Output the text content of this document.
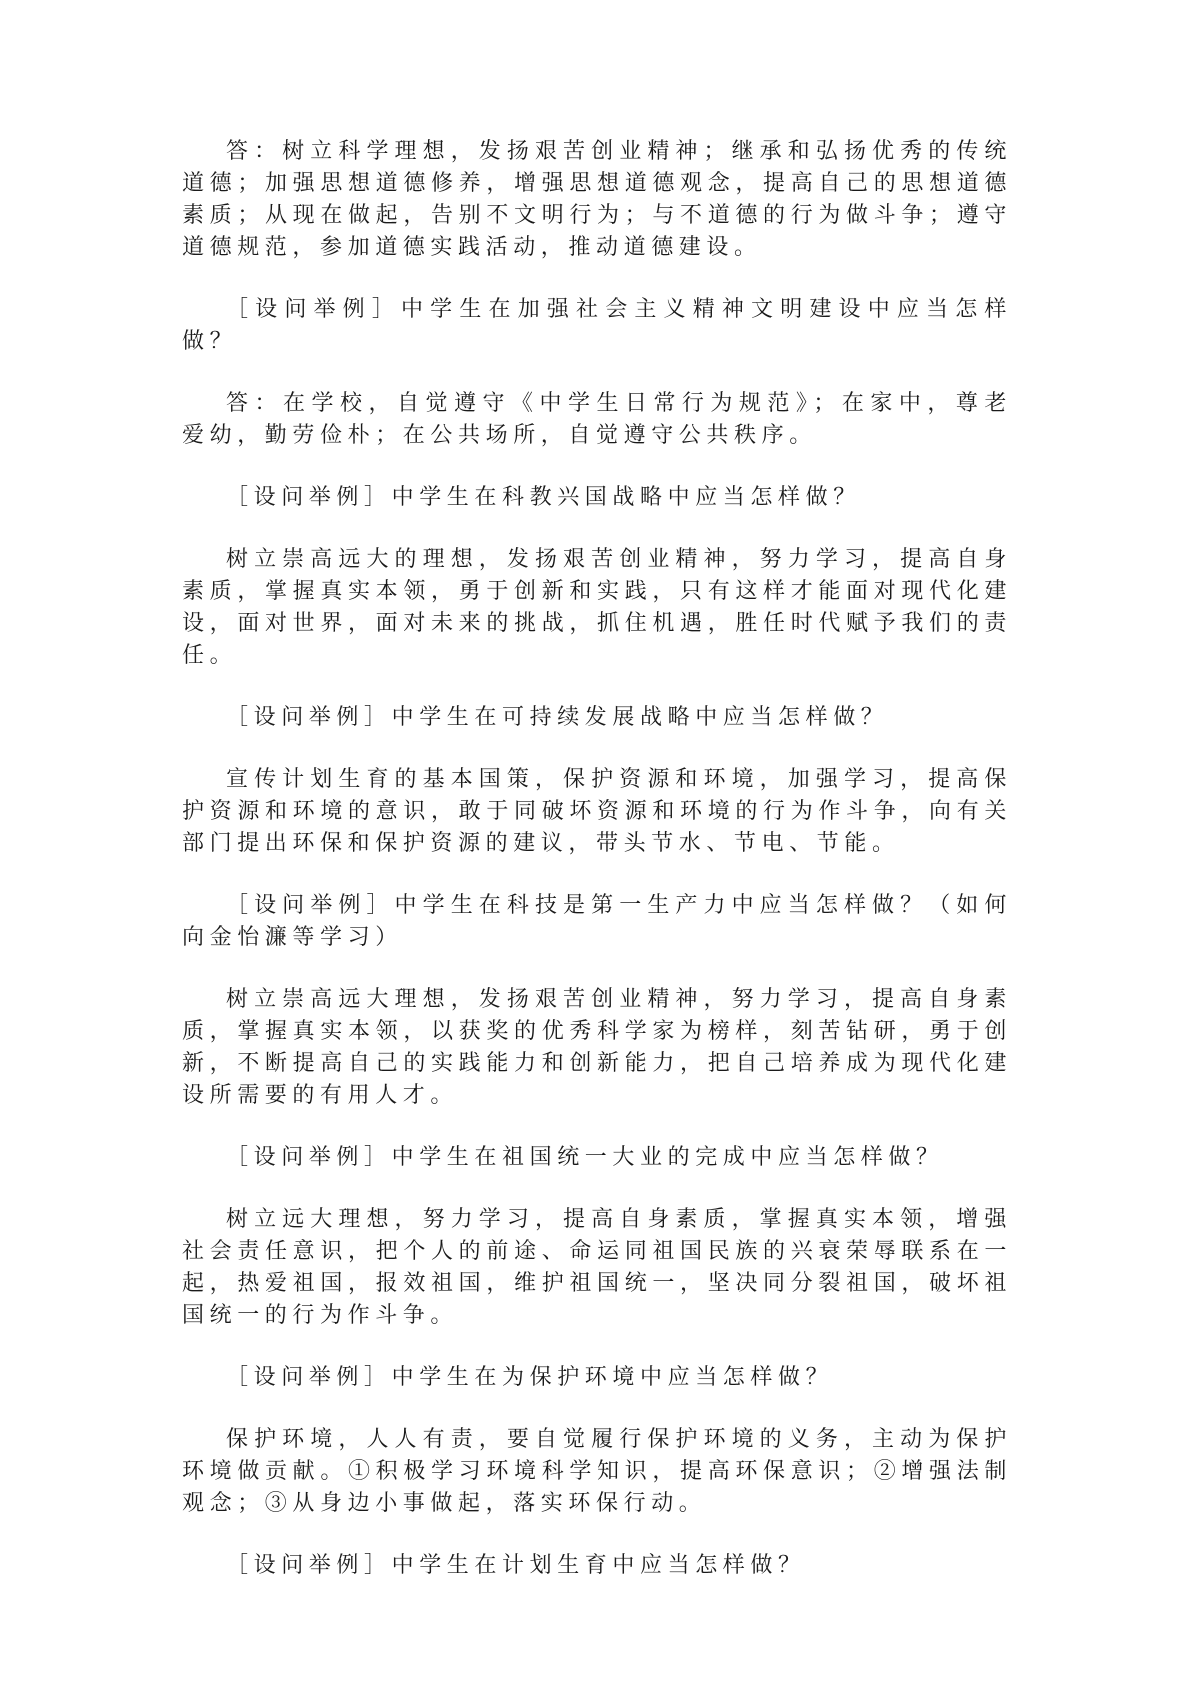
答：树立科学理想，发扬艰苦创业精神；继承和弘扬优秀的传统道德；加强思想道德修养，增强思想道德观念，提高自己的思想道德素质；从现在做起，告别不文明行为；与不道德的行为做斗争；遵守道德规范，参加道德实践活动，推动道德建设。

［设问举例］中学生在加强社会主义精神文明建设中应当怎样做？

答：在学校，自觉遵守《中学生日常行为规范》；在家中，尊老爱幼，勤劳俭朴；在公共场所，自觉遵守公共秩序。

［设问举例］中学生在科教兴国战略中应当怎样做？

树立崇高远大的理想，发扬艰苦创业精神，努力学习，提高自身素质，掌握真实本领，勇于创新和实践，只有这样才能面对现代化建设，面对世界，面对未来的挑战，抓住机遇，胜任时代赋予我们的责任。

［设问举例］中学生在可持续发展战略中应当怎样做？

宣传计划生育的基本国策，保护资源和环境，加强学习，提高保护资源和环境的意识，敢于同破坏资源和环境的行为作斗争，向有关部门提出环保和保护资源的建议，带头节水、节电、节能。

［设问举例］中学生在科技是第一生产力中应当怎样做？（如何向金怡濂等学习）

树立崇高远大理想，发扬艰苦创业精神，努力学习，提高自身素质，掌握真实本领，以获奖的优秀科学家为榜样，刻苦钻研，勇于创新，不断提高自己的实践能力和创新能力，把自己培养成为现代化建设所需要的有用人才。

［设问举例］中学生在祖国统一大业的完成中应当怎样做？

树立远大理想，努力学习，提高自身素质，掌握真实本领，增强社会责任意识，把个人的前途、命运同祖国民族的兴衰荣辱联系在一起，热爱祖国，报效祖国，维护祖国统一，坚决同分裂祖国，破坏祖国统一的行为作斗争。

［设问举例］中学生在为保护环境中应当怎样做？

保护环境，人人有责，要自觉履行保护环境的义务，主动为保护环境做贡献。①积极学习环境科学知识，提高环保意识；②增强法制观念；③从身边小事做起，落实环保行动。

［设问举例］中学生在计划生育中应当怎样做？
